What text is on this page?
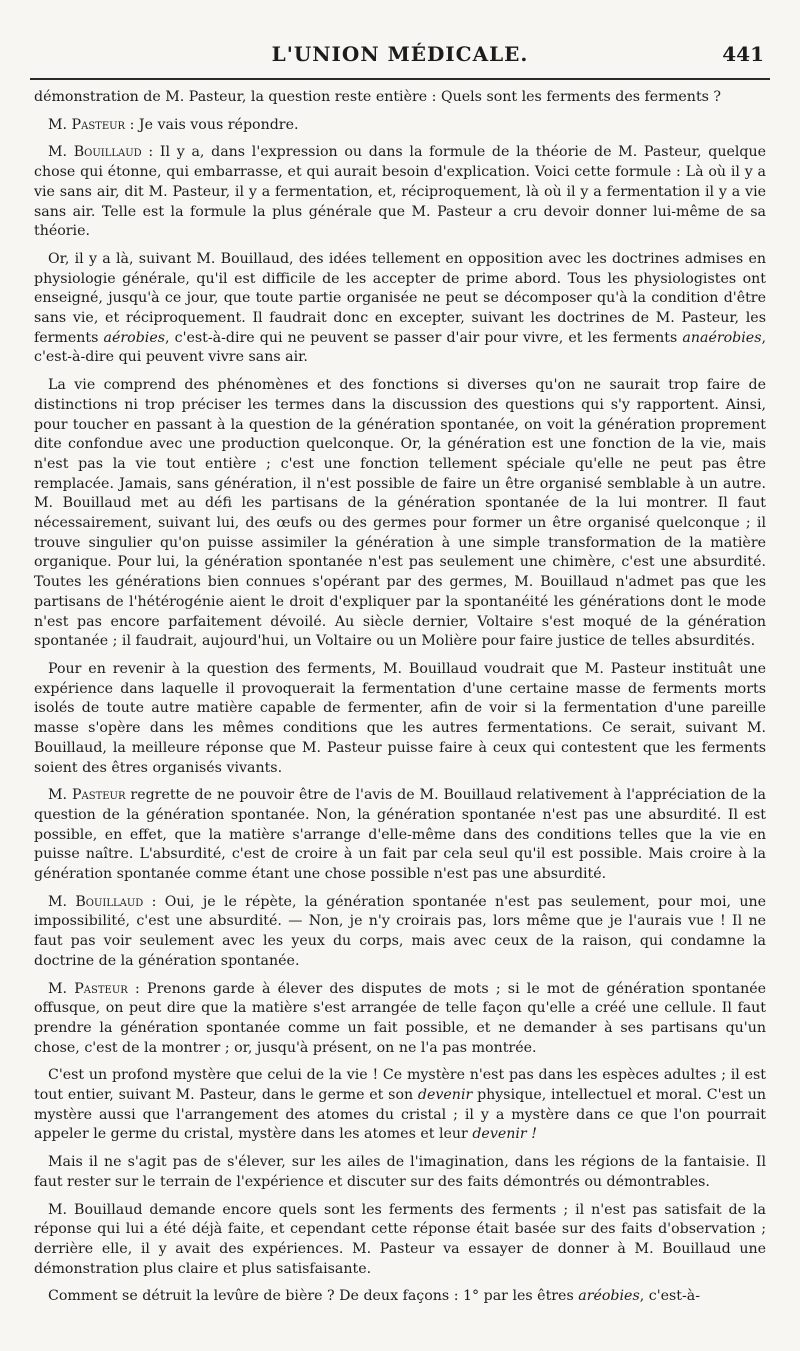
L'UNION MÉDICALE.	441

démonstration de M. Pasteur, la question reste entière : Quels sont les ferments des ferments ?

M. Pasteur : Je vais vous répondre.

M. Bouillaud : Il y a, dans l'expression ou dans la formule de la théorie de M. Pasteur, quelque chose qui étonne, qui embarrasse, et qui aurait besoin d'explication. Voici cette formule : Là où il y a vie sans air, dit M. Pasteur, il y a fermentation, et, réciproquement, là où il y a fermentation il y a vie sans air. Telle est la formule la plus générale que M. Pasteur a cru devoir donner lui-même de sa théorie.

Or, il y a là, suivant M. Bouillaud, des idées tellement en opposition avec les doctrines admises en physiologie générale, qu'il est difficile de les accepter de prime abord. Tous les physiologistes ont enseigné, jusqu'à ce jour, que toute partie organisée ne peut se décomposer qu'à la condition d'être sans vie, et réciproquement. Il faudrait donc en excepter, suivant les doctrines de M. Pasteur, les ferments aérobies, c'est-à-dire qui ne peuvent se passer d'air pour vivre, et les ferments anaérobies, c'est-à-dire qui peuvent vivre sans air.

La vie comprend des phénomènes et des fonctions si diverses qu'on ne saurait trop faire de distinctions ni trop préciser les termes dans la discussion des questions qui s'y rapportent. Ainsi, pour toucher en passant à la question de la génération spontanée, on voit la génération proprement dite confondue avec une production quelconque. Or, la génération est une fonction de la vie, mais n'est pas la vie tout entière ; c'est une fonction tellement spéciale qu'elle ne peut pas être remplacée. Jamais, sans génération, il n'est possible de faire un être organisé semblable à un autre. M. Bouillaud met au défi les partisans de la génération spontanée de la lui montrer. Il faut nécessairement, suivant lui, des œufs ou des germes pour former un être organisé quelconque ; il trouve singulier qu'on puisse assimiler la génération à une simple transformation de la matière organique. Pour lui, la génération spontanée n'est pas seulement une chimère, c'est une absurdité. Toutes les générations bien connues s'opérant par des germes, M. Bouillaud n'admet pas que les partisans de l'hétérogénie aient le droit d'expliquer par la spontanéité les générations dont le mode n'est pas encore parfaitement dévoilé. Au siècle dernier, Voltaire s'est moqué de la génération spontanée ; il faudrait, aujourd'hui, un Voltaire ou un Molière pour faire justice de telles absurdités.

Pour en revenir à la question des ferments, M. Bouillaud voudrait que M. Pasteur instituât une expérience dans laquelle il provoquerait la fermentation d'une certaine masse de ferments morts isolés de toute autre matière capable de fermenter, afin de voir si la fermentation d'une pareille masse s'opère dans les mêmes conditions que les autres fermentations. Ce serait, suivant M. Bouillaud, la meilleure réponse que M. Pasteur puisse faire à ceux qui contestent que les ferments soient des êtres organisés vivants.

M. Pasteur regrette de ne pouvoir être de l'avis de M. Bouillaud relativement à l'appréciation de la question de la génération spontanée. Non, la génération spontanée n'est pas une absurdité. Il est possible, en effet, que la matière s'arrange d'elle-même dans des conditions telles que la vie en puisse naître. L'absurdité, c'est de croire à un fait par cela seul qu'il est possible. Mais croire à la génération spontanée comme étant une chose possible n'est pas une absurdité.

M. Bouillaud : Oui, je le répète, la génération spontanée n'est pas seulement, pour moi, une impossibilité, c'est une absurdité. — Non, je n'y croirais pas, lors même que je l'aurais vue ! Il ne faut pas voir seulement avec les yeux du corps, mais avec ceux de la raison, qui condamne la doctrine de la génération spontanée.

M. Pasteur : Prenons garde à élever des disputes de mots ; si le mot de génération spontanée offusque, on peut dire que la matière s'est arrangée de telle façon qu'elle a créé une cellule. Il faut prendre la génération spontanée comme un fait possible, et ne demander à ses partisans qu'un chose, c'est de la montrer ; or, jusqu'à présent, on ne l'a pas montrée.

C'est un profond mystère que celui de la vie ! Ce mystère n'est pas dans les espèces adultes ; il est tout entier, suivant M. Pasteur, dans le germe et son devenir physique, intellectuel et moral. C'est un mystère aussi que l'arrangement des atomes du cristal ; il y a mystère dans ce que l'on pourrait appeler le germe du cristal, mystère dans les atomes et leur devenir !

Mais il ne s'agit pas de s'élever, sur les ailes de l'imagination, dans les régions de la fantaisie. Il faut rester sur le terrain de l'expérience et discuter sur des faits démontrés ou démontrables.

M. Bouillaud demande encore quels sont les ferments des ferments ; il n'est pas satisfait de la réponse qui lui a été déjà faite, et cependant cette réponse était basée sur des faits d'observation ; derrière elle, il y avait des expériences. M. Pasteur va essayer de donner à M. Bouillaud une démonstration plus claire et plus satisfaisante.

Comment se détruit la levûre de bière ? De deux façons : 1° par les êtres aréobies, c'est-à-
